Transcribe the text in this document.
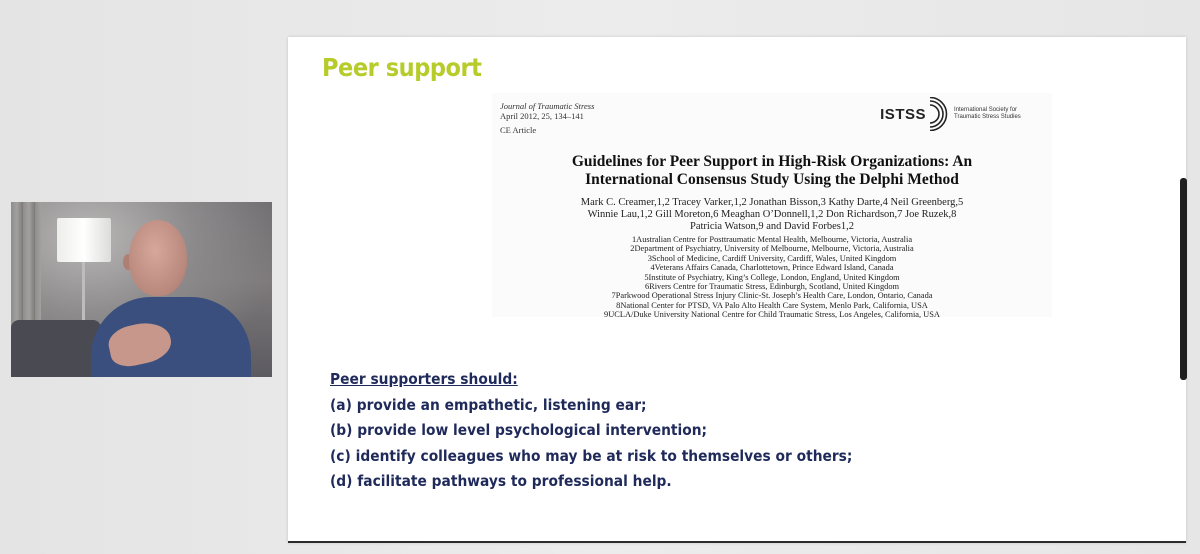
Peer support
Journal of Traumatic Stress
April 2012, 25, 134–141
CE Article
ISTSS	International Society for Traumatic Stress Studies
Guidelines for Peer Support in High-Risk Organizations: An
International Consensus Study Using the Delphi Method
Mark C. Creamer,1,2 Tracey Varker,1,2 Jonathan Bisson,3 Kathy Darte,4 Neil Greenberg,5
Winnie Lau,1,2 Gill Moreton,6 Meaghan O’Donnell,1,2 Don Richardson,7 Joe Ruzek,8
Patricia Watson,9 and David Forbes1,2
1Australian Centre for Posttraumatic Mental Health, Melbourne, Victoria, Australia
2Department of Psychiatry, University of Melbourne, Melbourne, Victoria, Australia
3School of Medicine, Cardiff University, Cardiff, Wales, United Kingdom
4Veterans Affairs Canada, Charlottetown, Prince Edward Island, Canada
5Institute of Psychiatry, King’s College, London, England, United Kingdom
6Rivers Centre for Traumatic Stress, Edinburgh, Scotland, United Kingdom
7Parkwood Operational Stress Injury Clinic-St. Joseph’s Health Care, London, Ontario, Canada
8National Center for PTSD, VA Palo Alto Health Care System, Menlo Park, California, USA
9UCLA/Duke University National Centre for Child Traumatic Stress, Los Angeles, California, USA
Peer supporters should:
(a) provide an empathetic, listening ear;
(b) provide low level psychological intervention;
(c) identify colleagues who may be at risk to themselves or others;
(d) facilitate pathways to professional help.
